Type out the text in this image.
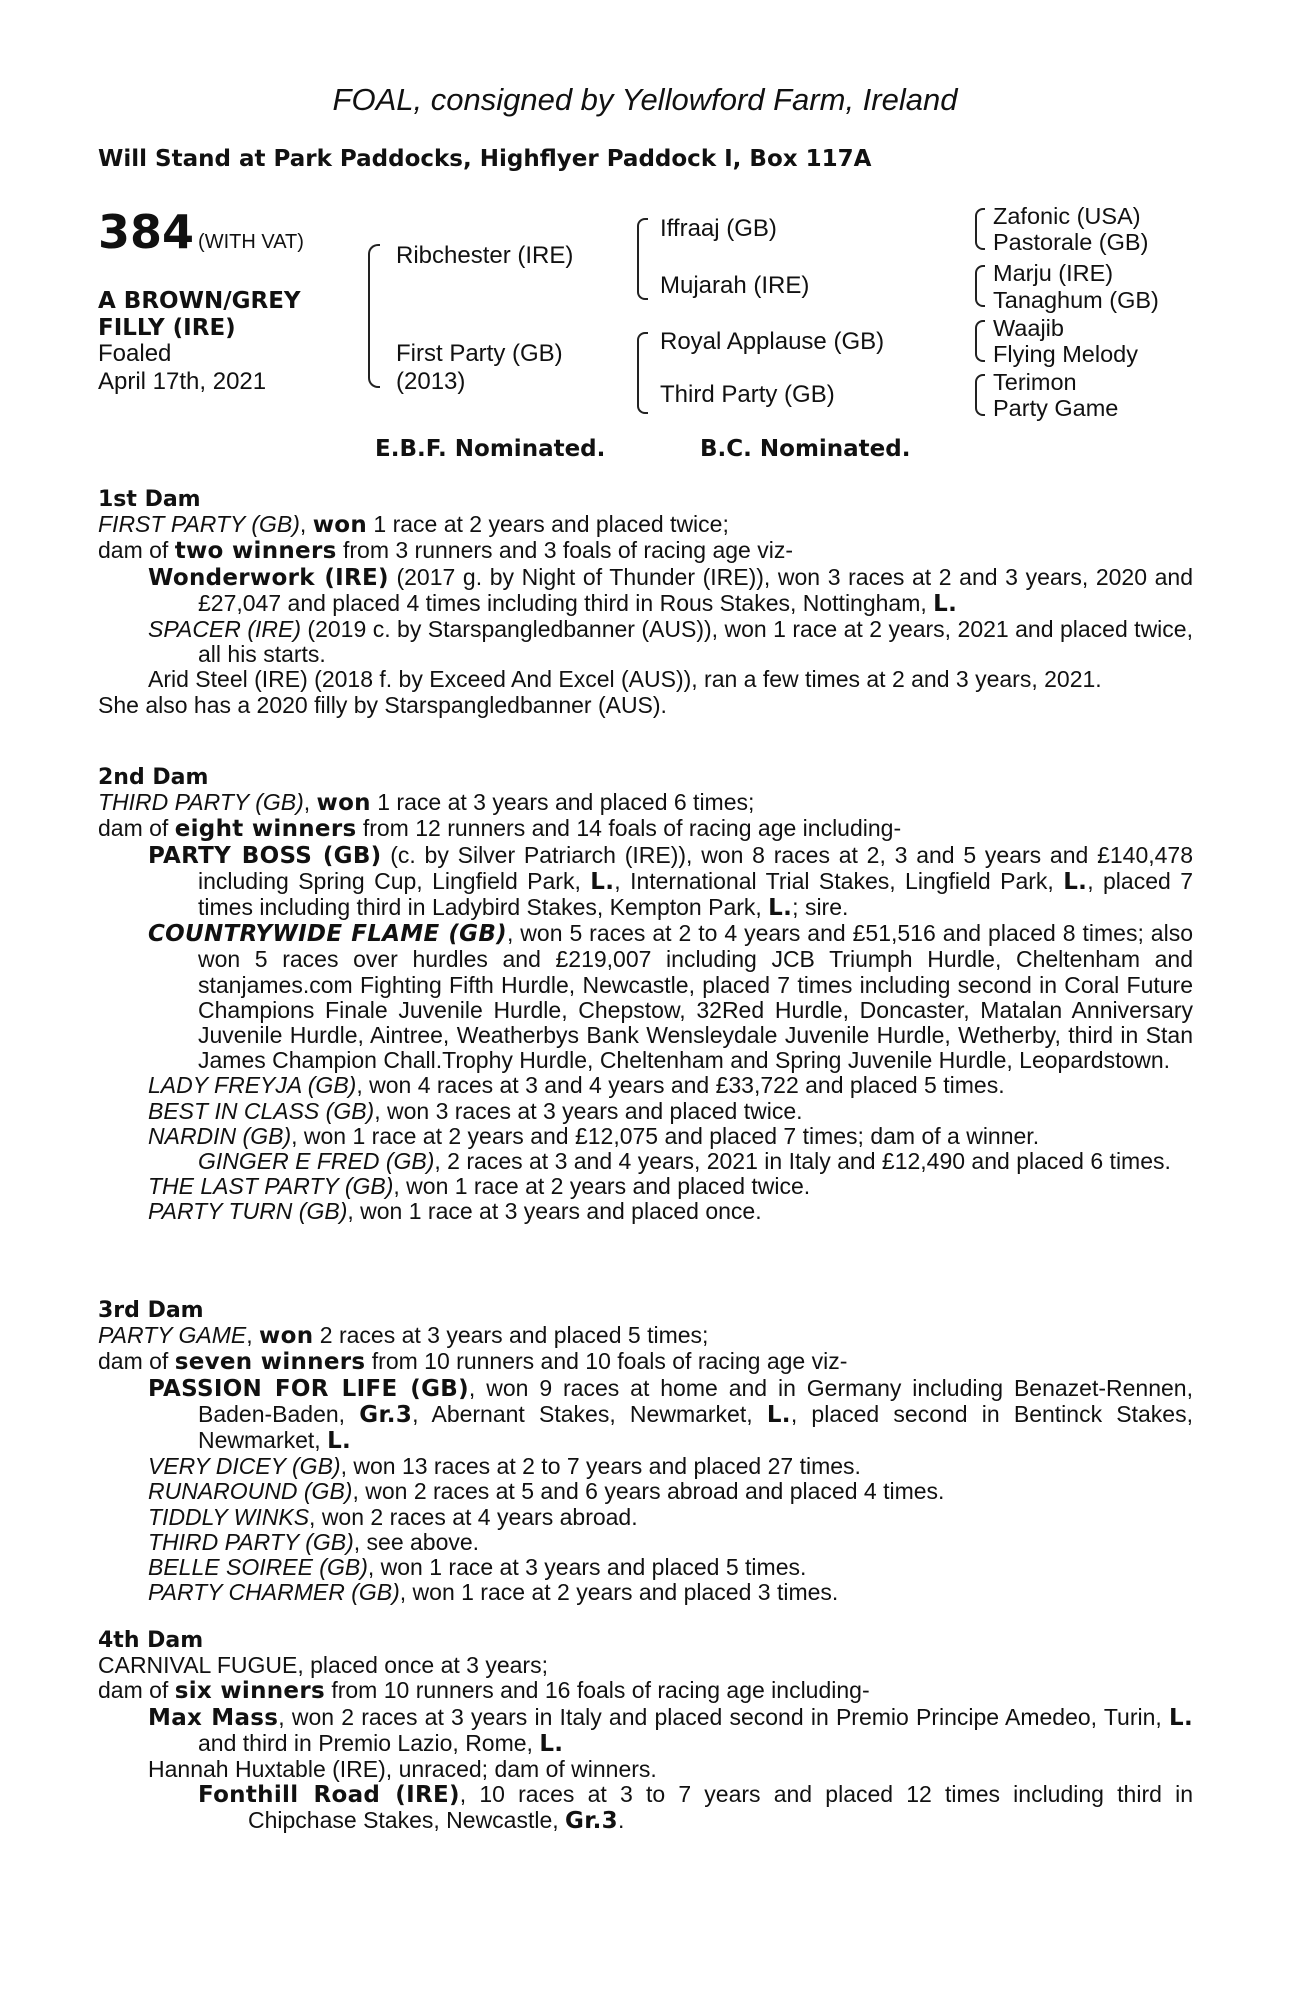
FOAL, consigned by Yellowford Farm, Ireland
Will Stand at Park Paddocks, Highflyer Paddock I, Box 117A
384 (WITH VAT)
A BROWN/GREY
FILLY (IRE)
Foaled
April 17th, 2021
Ribchester (IRE)
First Party (GB)
(2013)
Iffraaj (GB)
Mujarah (IRE)
Royal Applause (GB)
Third Party (GB)
Zafonic (USA)
Pastorale (GB)
Marju (IRE)
Tanaghum (GB)
Waajib
Flying Melody
Terimon
Party Game
E.B.F. Nominated.	B.C. Nominated.

1st Dam

FIRST PARTY (GB), won 1 race at 2 years and placed twice;

dam of two winners from 3 runners and 3 foals of racing age viz-

Wonderwork (IRE) (2017 g. by Night of Thunder (IRE)), won 3 races at 2 and 3 years, 2020 and £27,047 and placed 4 times including third in Rous Stakes, Nottingham, L.

SPACER (IRE) (2019 c. by Starspangledbanner (AUS)), won 1 race at 2 years, 2021 and placed twice, all his starts.

Arid Steel (IRE) (2018 f. by Exceed And Excel (AUS)), ran a few times at 2 and 3 years, 2021.

She also has a 2020 filly by Starspangledbanner (AUS).

2nd Dam

THIRD PARTY (GB), won 1 race at 3 years and placed 6 times;

dam of eight winners from 12 runners and 14 foals of racing age including-

PARTY BOSS (GB) (c. by Silver Patriarch (IRE)), won 8 races at 2, 3 and 5 years and £140,478 including Spring Cup, Lingfield Park, L., International Trial Stakes, Lingfield Park, L., placed 7 times including third in Ladybird Stakes, Kempton Park, L.; sire.

COUNTRYWIDE FLAME (GB), won 5 races at 2 to 4 years and £51,516 and placed 8 times; also won 5 races over hurdles and £219,007 including JCB Triumph Hurdle, Cheltenham and stanjames.com Fighting Fifth Hurdle, Newcastle, placed 7 times including second in Coral Future Champions Finale Juvenile Hurdle, Chepstow, 32Red Hurdle, Doncaster, Matalan Anniversary Juvenile Hurdle, Aintree, Weatherbys Bank Wensleydale Juvenile Hurdle, Wetherby, third in Stan James Champion Chall.Trophy Hurdle, Cheltenham and Spring Juvenile Hurdle, Leopardstown.

LADY FREYJA (GB), won 4 races at 3 and 4 years and £33,722 and placed 5 times.

BEST IN CLASS (GB), won 3 races at 3 years and placed twice.

NARDIN (GB), won 1 race at 2 years and £12,075 and placed 7 times; dam of a winner.

GINGER E FRED (GB), 2 races at 3 and 4 years, 2021 in Italy and £12,490 and placed 6 times.

THE LAST PARTY (GB), won 1 race at 2 years and placed twice.

PARTY TURN (GB), won 1 race at 3 years and placed once.

3rd Dam

PARTY GAME, won 2 races at 3 years and placed 5 times;

dam of seven winners from 10 runners and 10 foals of racing age viz-

PASSION FOR LIFE (GB), won 9 races at home and in Germany including Benazet-Rennen, Baden-Baden, Gr.3, Abernant Stakes, Newmarket, L., placed second in Bentinck Stakes, Newmarket, L.

VERY DICEY (GB), won 13 races at 2 to 7 years and placed 27 times.

RUNAROUND (GB), won 2 races at 5 and 6 years abroad and placed 4 times.

TIDDLY WINKS, won 2 races at 4 years abroad.

THIRD PARTY (GB), see above.

BELLE SOIREE (GB), won 1 race at 3 years and placed 5 times.

PARTY CHARMER (GB), won 1 race at 2 years and placed 3 times.

4th Dam

CARNIVAL FUGUE, placed once at 3 years;

dam of six winners from 10 runners and 16 foals of racing age including-

Max Mass, won 2 races at 3 years in Italy and placed second in Premio Principe Amedeo, Turin, L. and third in Premio Lazio, Rome, L.

Hannah Huxtable (IRE), unraced; dam of winners.

Fonthill Road (IRE), 10 races at 3 to 7 years and placed 12 times including third in Chipchase Stakes, Newcastle, Gr.3.
